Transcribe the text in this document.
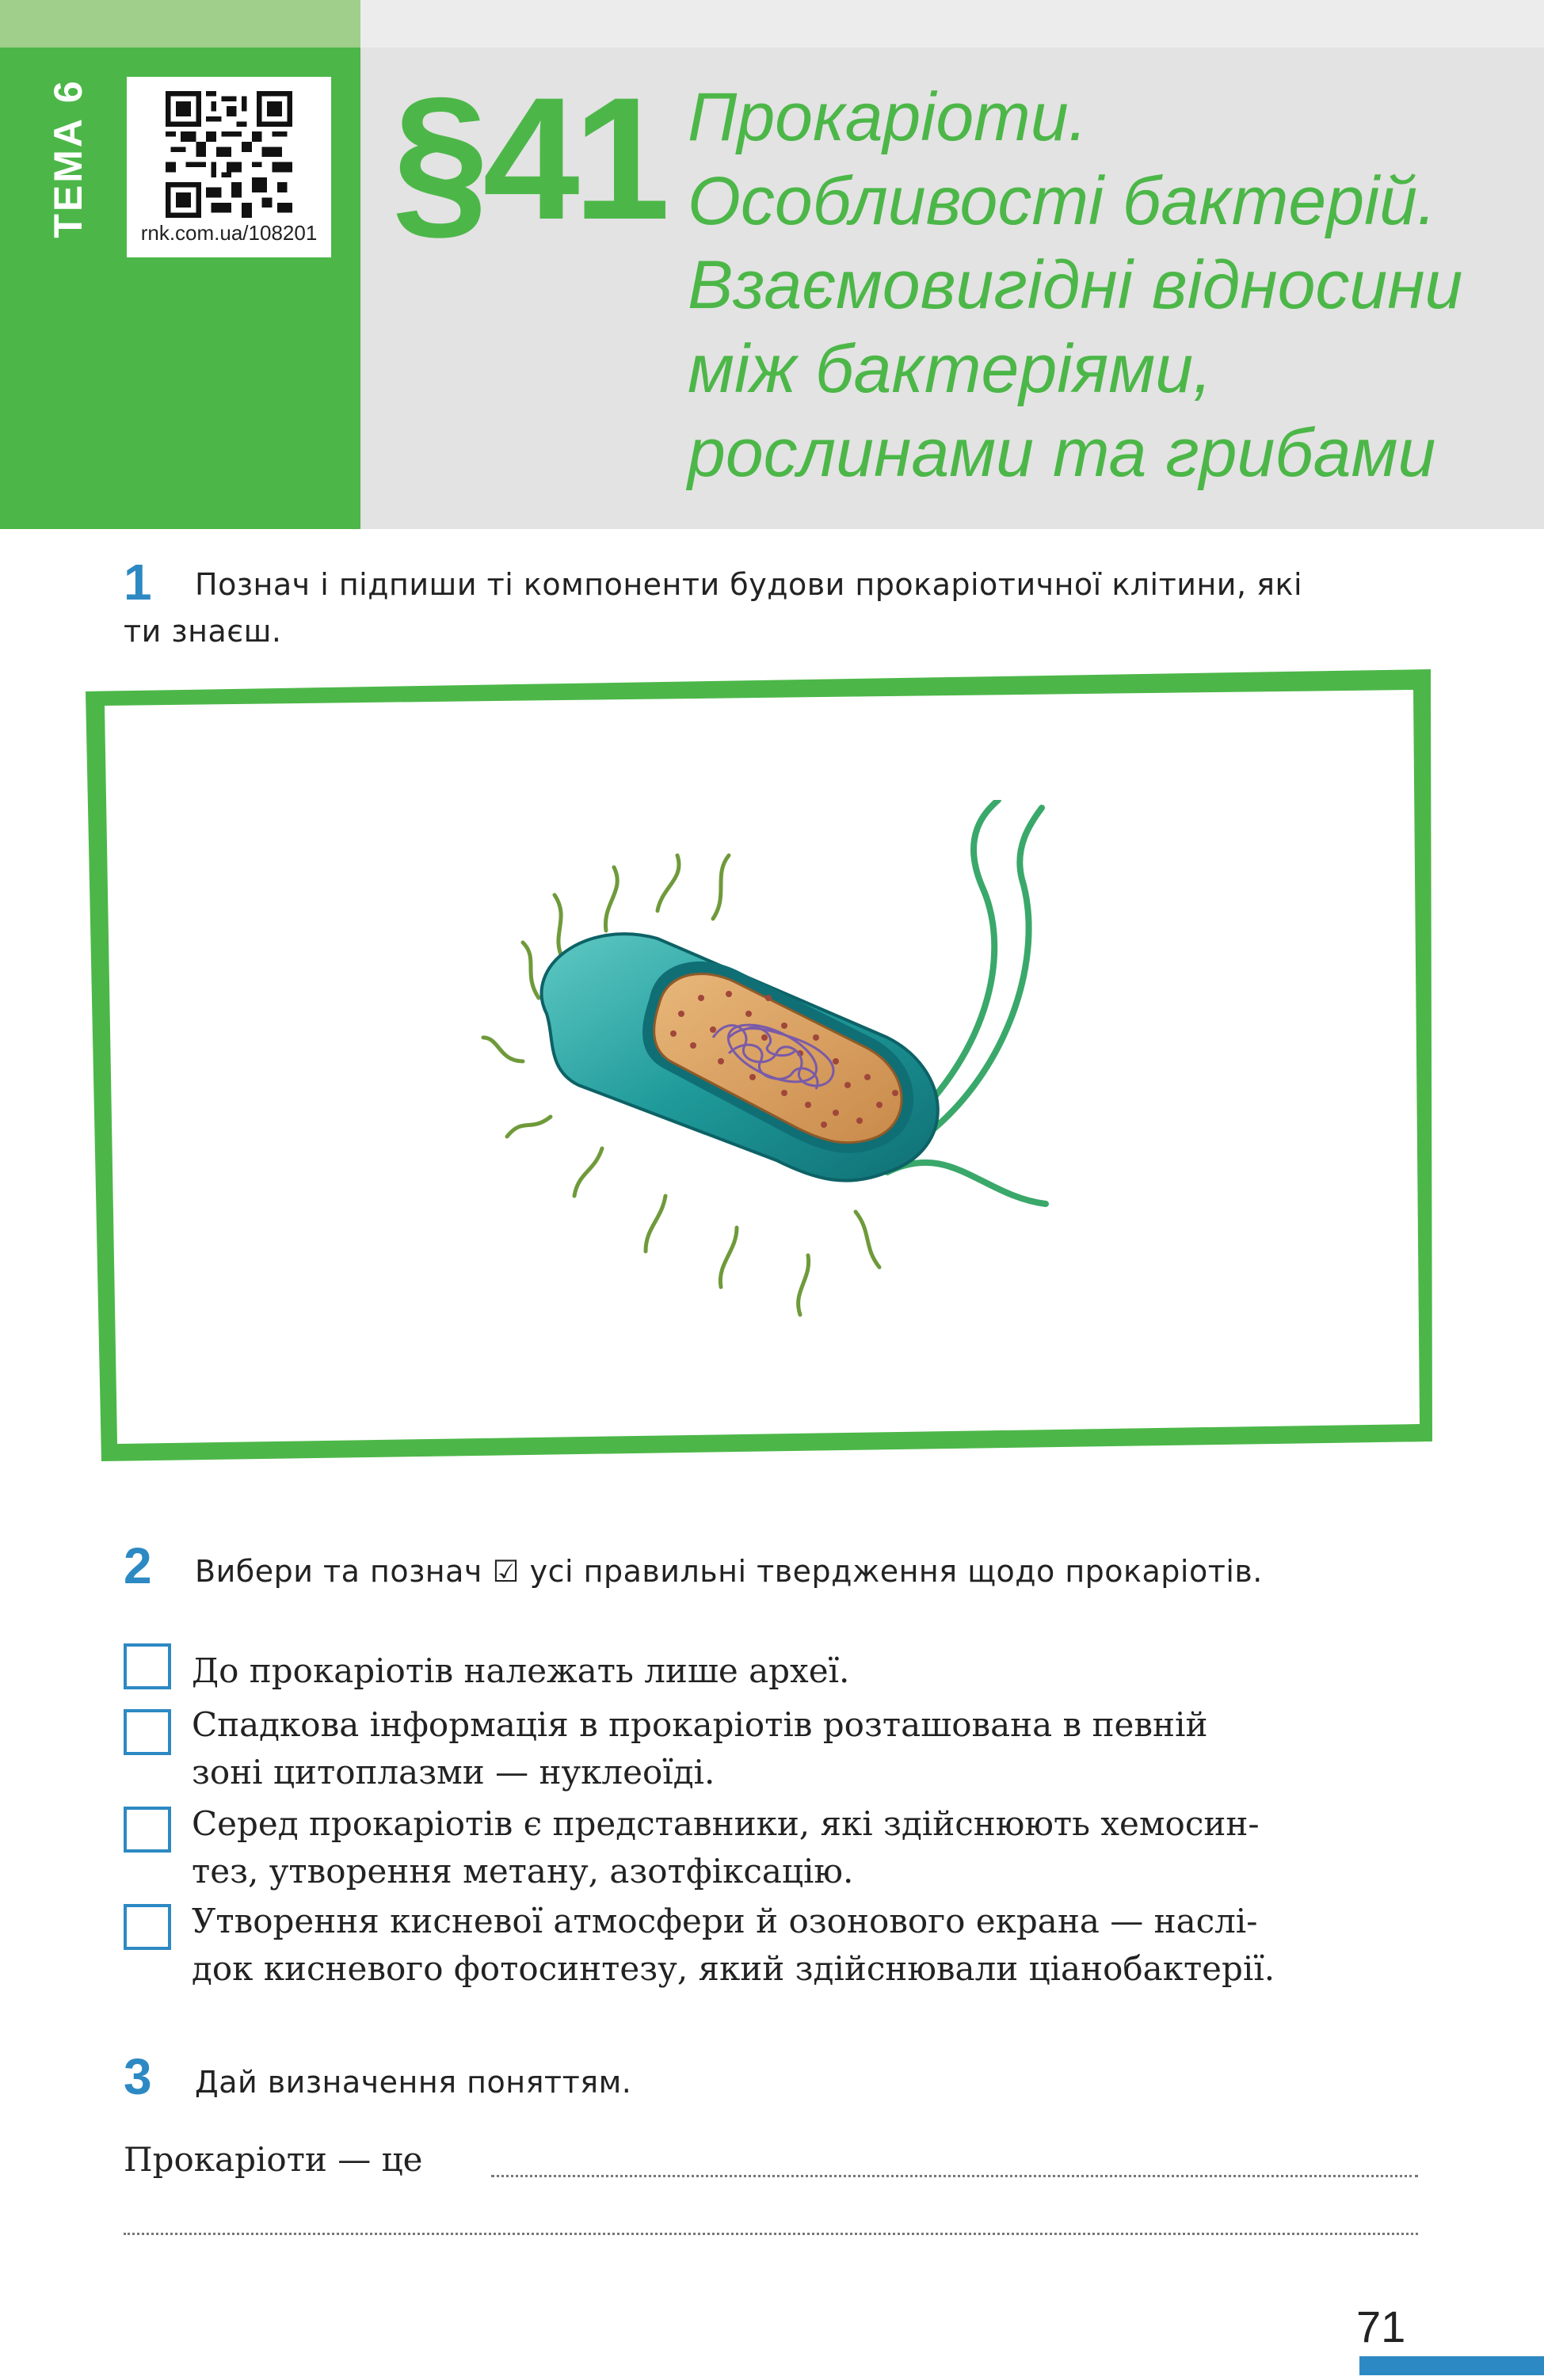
ТЕМА 6	rnk.com.ua/108201 §41 Прокаріоти.
Особливості бактерій.
Взаємовигідні відносини
між бактеріями,
рослинами та грибами
1 Познач і підпиши ті компоненти будови прокаріотичної клітини, які
ти знаєш.
2 Вибери та познач ☑ усі правильні твердження щодо прокаріотів.
До прокаріотів належать лише археї.
Спадкова інформація в прокаріотів розташована в певній
зоні цитоплазми — нуклеоїді.
Серед прокаріотів є представники, які здійснюють хемосин-
тез, утворення метану, азотфіксацію.
Утворення кисневої атмосфери й озонового екрана — наслі-
док кисневого фотосинтезу, який здійснювали ціанобактерії.
3 Дай визначення поняттям.
Прокаріоти — це
71
